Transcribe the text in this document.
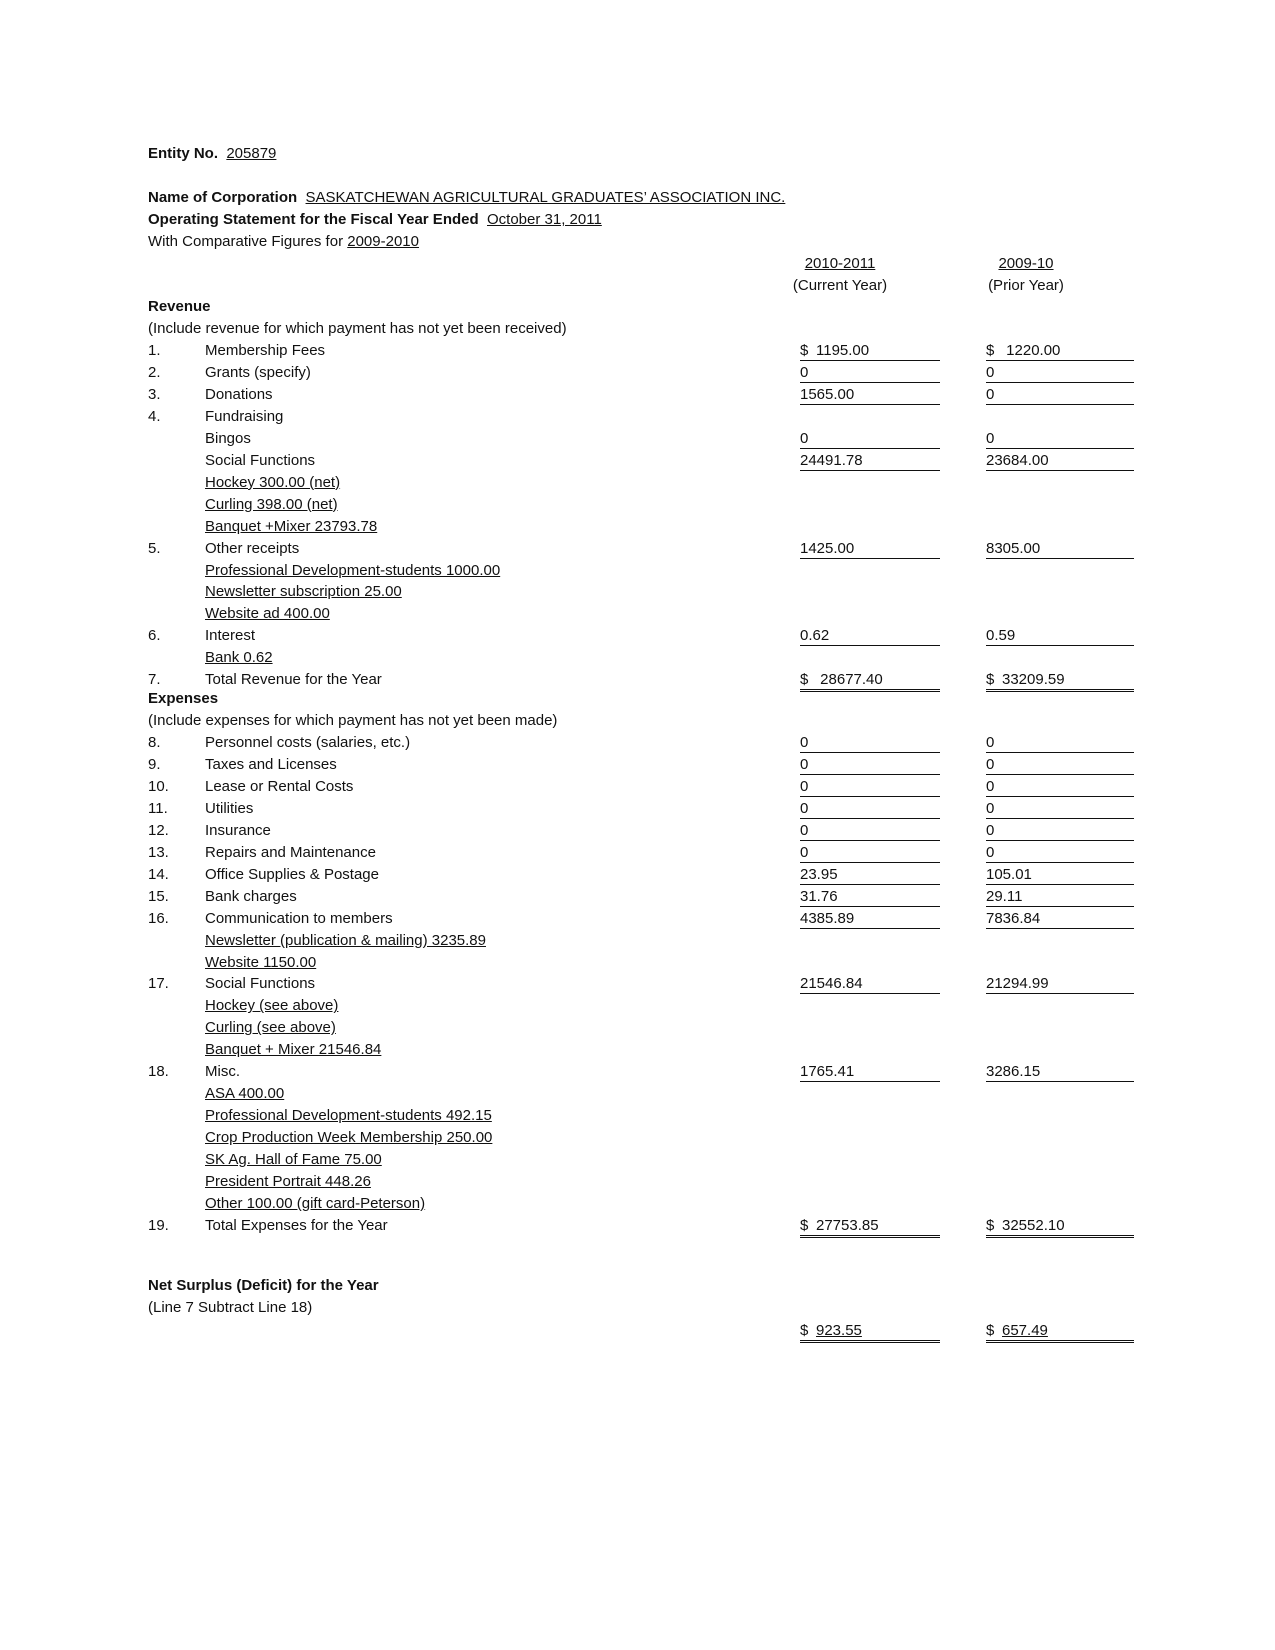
Entity No. 205879
Name of Corporation SASKATCHEWAN AGRICULTURAL GRADUATES’ ASSOCIATION INC.
Operating Statement for the Fiscal Year Ended October 31, 2011
With Comparative Figures for 2009-2010
2010-2011
(Current Year)
2009-10
(Prior Year)
Revenue
(Include revenue for which payment has not yet been received)
1.	Membership Fees	$ 1195.00	$ 1220.00
2.	Grants (specify)	0	0
3.	Donations	1565.00	0
4.	Fundraising
Bingos	0	0
Social Functions	24491.78	23684.00
Hockey 300.00 (net)
Curling 398.00 (net)
Banquet +Mixer 23793.78
5.	Other receipts	1425.00	8305.00
Professional Development-students 1000.00
Newsletter subscription 25.00
Website ad 400.00
6.	Interest	0.62	0.59
Bank 0.62
7.	Total Revenue for the Year	$ 28677.40	$ 33209.59
Expenses
(Include expenses for which payment has not yet been made)
8.	Personnel costs (salaries, etc.)	0	0
9.	Taxes and Licenses	0	0
10.	Lease or Rental Costs	0	0
11.	Utilities	0	0
12.	Insurance	0	0
13.	Repairs and Maintenance	0	0
14.	Office Supplies & Postage	23.95	105.01
15.	Bank charges	31.76	29.11
16.	Communication to members	4385.89	7836.84
Newsletter (publication & mailing) 3235.89
Website 1150.00
17.	Social Functions	21546.84	21294.99
Hockey (see above)
Curling (see above)
Banquet + Mixer 21546.84
18.	Misc.	1765.41	3286.15
ASA 400.00
Professional Development-students 492.15
Crop Production Week Membership 250.00
SK Ag. Hall of Fame 75.00
President Portrait 448.26
Other 100.00 (gift card-Peterson)
19.	Total Expenses for the Year	$ 27753.85	$ 32552.10
Net Surplus (Deficit) for the Year
(Line 7 Subtract Line 18)
$ 923.55	$ 657.49
